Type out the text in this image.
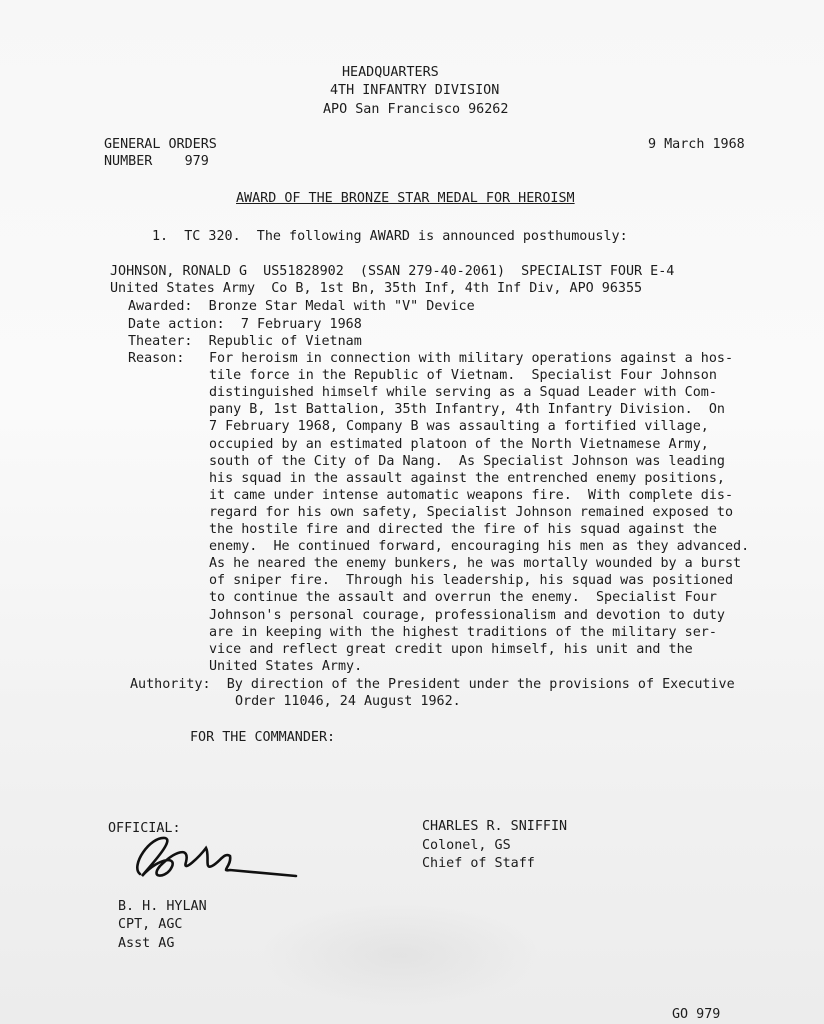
HEADQUARTERS
4TH INFANTRY DIVISION
APO San Francisco 96262
GENERAL ORDERS
NUMBER    979
9 March 1968
AWARD OF THE BRONZE STAR MEDAL FOR HEROISM
1.  TC 320.  The following AWARD is announced posthumously:
JOHNSON, RONALD G  US51828902  (SSAN 279-40-2061)  SPECIALIST FOUR E-4
United States Army  Co B, 1st Bn, 35th Inf, 4th Inf Div, APO 96355
Awarded:  Bronze Star Medal with "V" Device
Date action:  7 February 1968
Theater:  Republic of Vietnam
Reason: For heroism in connection with military operations against a hos-
tile force in the Republic of Vietnam.  Specialist Four Johnson
distinguished himself while serving as a Squad Leader with Com-
pany B, 1st Battalion, 35th Infantry, 4th Infantry Division.  On
7 February 1968, Company B was assaulting a fortified village,
occupied by an estimated platoon of the North Vietnamese Army,
south of the City of Da Nang.  As Specialist Johnson was leading
his squad in the assault against the entrenched enemy positions,
it came under intense automatic weapons fire.  With complete dis-
regard for his own safety, Specialist Johnson remained exposed to
the hostile fire and directed the fire of his squad against the
enemy.  He continued forward, encouraging his men as they advanced.
As he neared the enemy bunkers, he was mortally wounded by a burst
of sniper fire.  Through his leadership, his squad was positioned
to continue the assault and overrun the enemy.  Specialist Four
Johnson's personal courage, professionalism and devotion to duty
are in keeping with the highest traditions of the military ser-
vice and reflect great credit upon himself, his unit and the
United States Army.
Authority:  By direction of the President under the provisions of Executive
Order 11046, 24 August 1962.
FOR THE COMMANDER:
OFFICIAL:
B. H. HYLAN
CPT, AGC
Asst AG
CHARLES R. SNIFFIN
Colonel, GS
Chief of Staff
GO 979
